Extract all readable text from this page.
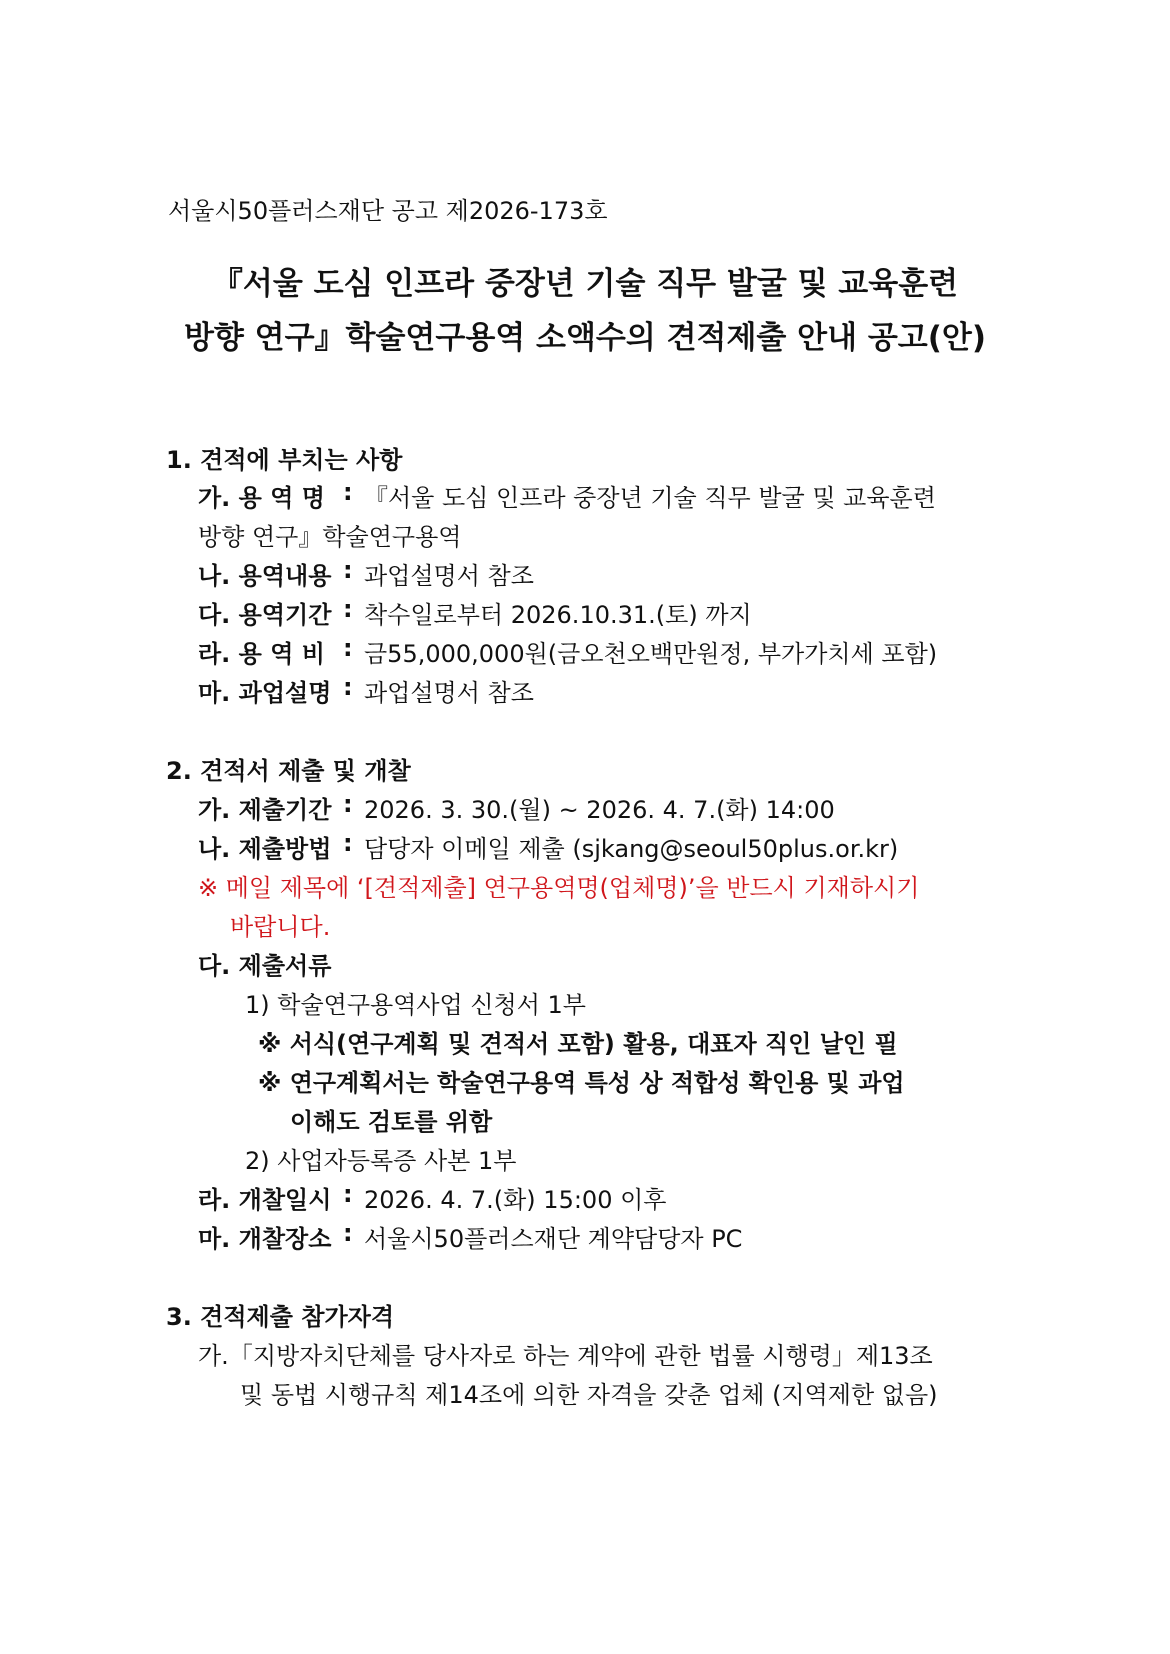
서울시50플러스재단 공고 제2026-173호
『서울 도심 인프라 중장년 기술 직무 발굴 및 교육훈련
방향 연구』학술연구용역 소액수의 견적제출 안내 공고(안)
1. 견적에 부치는 사항
가. 용 역 명 : 『서울 도심 인프라 중장년 기술 직무 발굴 및 교육훈련
방향 연구』학술연구용역
나. 용역내용 : 과업설명서 참조
다. 용역기간 : 착수일로부터 2026.10.31.(토) 까지
라. 용 역 비 : 금55,000,000원(금오천오백만원정, 부가가치세 포함)
마. 과업설명 : 과업설명서 참조
2. 견적서 제출 및 개찰
가. 제출기간 : 2026. 3. 30.(월) ~ 2026. 4. 7.(화) 14:00
나. 제출방법 : 담당자 이메일 제출 (sjkang@seoul50plus.or.kr)
※ 메일 제목에 ‘[견적제출] 연구용역명(업체명)’을 반드시 기재하시기
바랍니다.
다. 제출서류
1) 학술연구용역사업 신청서 1부
※ 서식(연구계획 및 견적서 포함) 활용, 대표자 직인 날인 필
※ 연구계획서는 학술연구용역 특성 상 적합성 확인용 및 과업
이해도 검토를 위함
2) 사업자등록증 사본 1부
라. 개찰일시 : 2026. 4. 7.(화) 15:00 이후
마. 개찰장소 : 서울시50플러스재단 계약담당자 PC
3. 견적제출 참가자격
가.「지방자치단체를 당사자로 하는 계약에 관한 법률 시행령」제13조
및 동법 시행규칙 제14조에 의한 자격을 갖춘 업체 (지역제한 없음)
